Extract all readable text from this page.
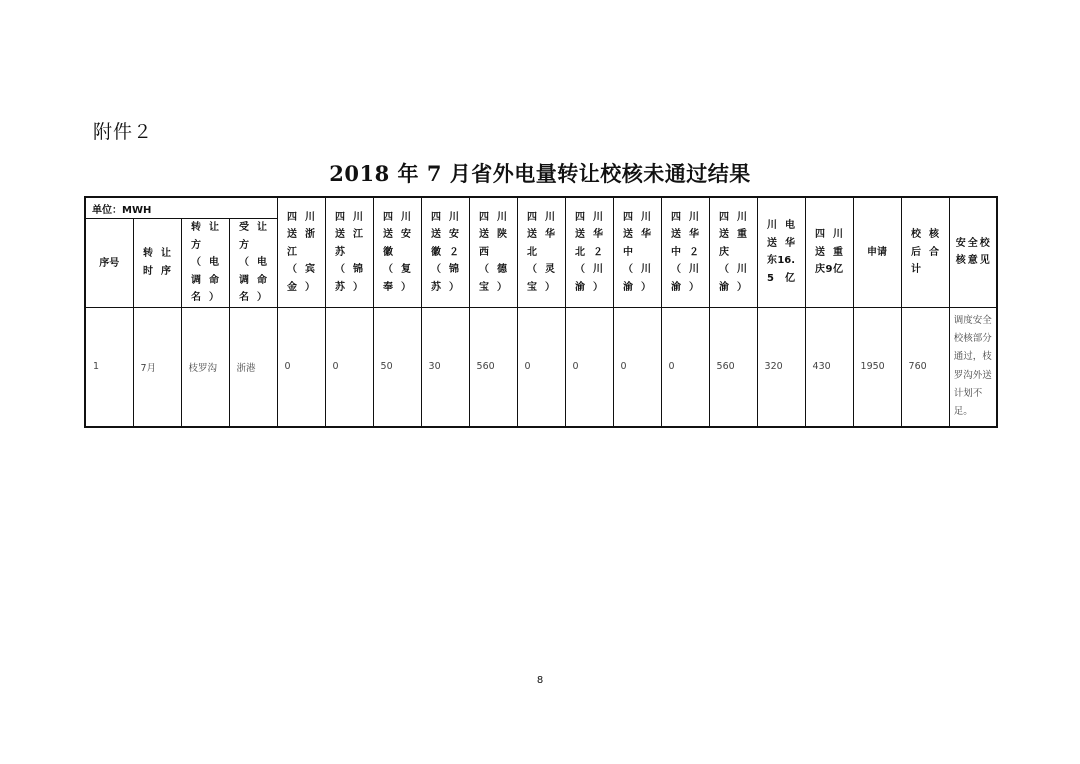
附件２
2018 年 7 月省外电量转让校核未通过结果
单位：MWH				四川送浙江（宾金）	四川送江苏（锦苏）	四川送安徽（复奉）	四川送安徽２（锦苏）	四川送陕西（德宝）	四川送华北（灵宝）	四川送华北２（川渝）	四川送华中（川渝）	四川送华中２（川渝）	四川送重庆（川渝）	川电送华东16.5亿	四川送重庆9亿	申请	校核后合计	安全校核意见
序号	转让时序	转让方（电调命名）	受让方（电调命名）															
1	7月	枝罗沟	浙港	0	0	50	30	560	0	0	0	0	560	320	430	1950	760	调度安全校核部分通过，枝罗沟外送计划不足。
8
